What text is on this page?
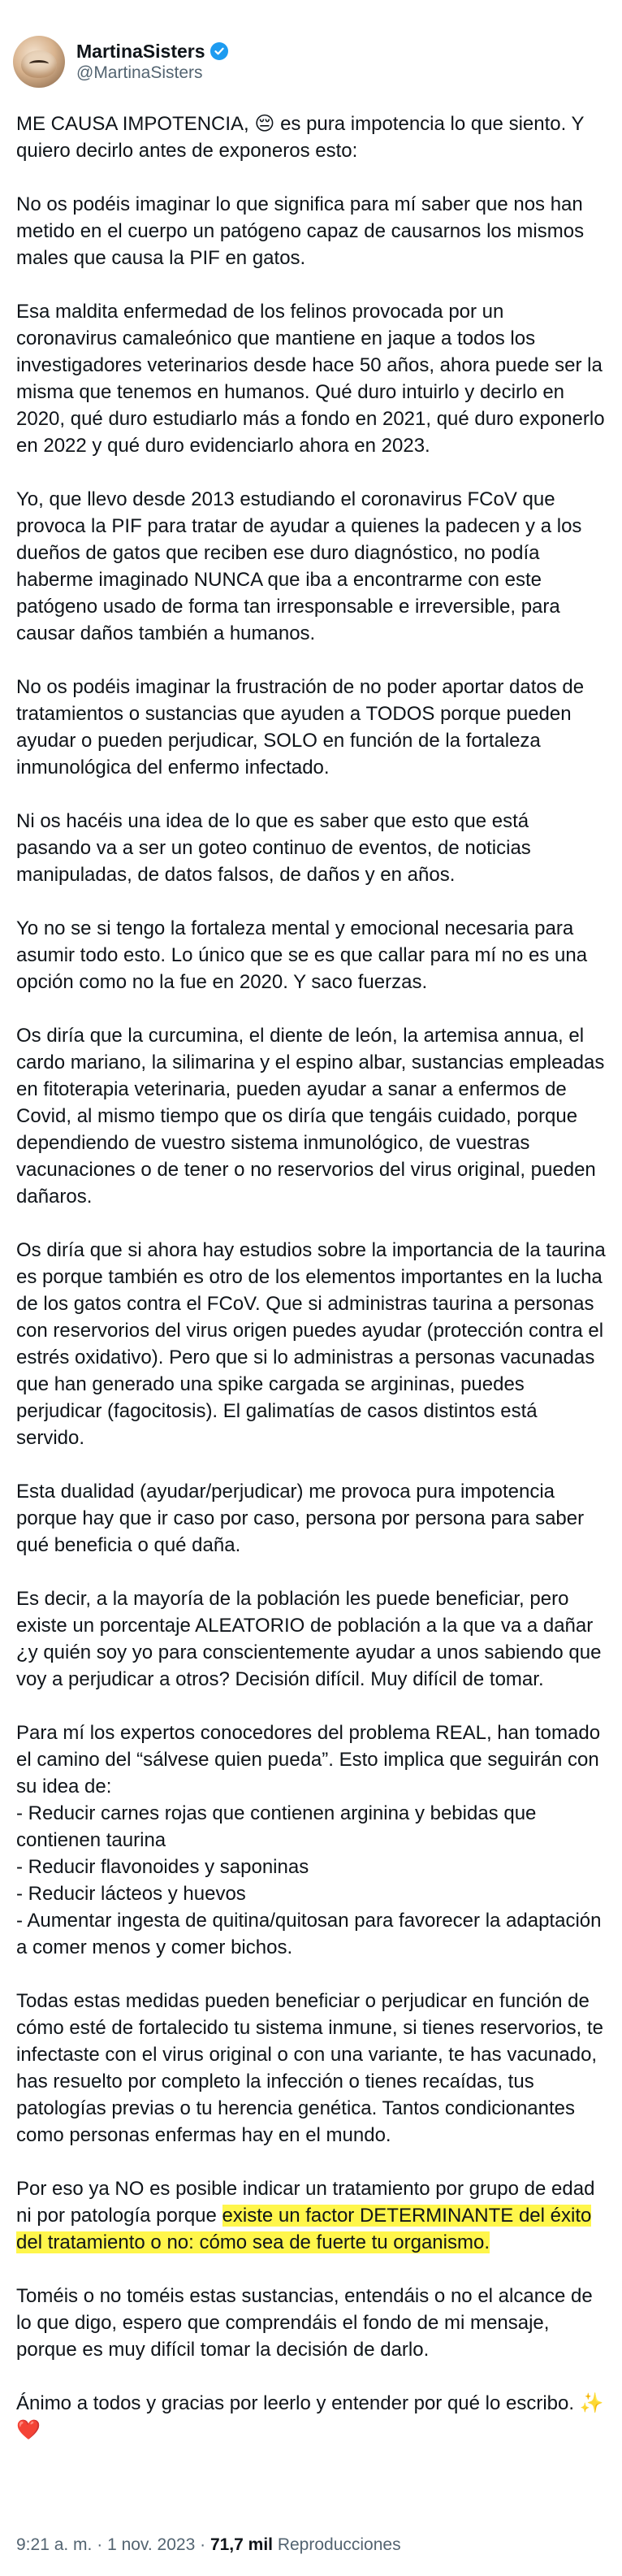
MartinaSisters
@MartinaSisters

ME CAUSA IMPOTENCIA, 😔 es pura impotencia lo que siento. Y quiero decirlo antes de exponeros esto:

No os podéis imaginar lo que significa para mí saber que nos han metido en el cuerpo un patógeno capaz de causarnos los mismos males que causa la PIF en gatos.

Esa maldita enfermedad de los felinos provocada por un coronavirus camaleónico que mantiene en jaque a todos los investigadores veterinarios desde hace 50 años, ahora puede ser la misma que tenemos en humanos. Qué duro intuirlo y decirlo en 2020, qué duro estudiarlo más a fondo en 2021, qué duro exponerlo en 2022 y qué duro evidenciarlo ahora en 2023.

Yo, que llevo desde 2013 estudiando el coronavirus FCoV que provoca la PIF para tratar de ayudar a quienes la padecen y a los dueños de gatos que reciben ese duro diagnóstico, no podía haberme imaginado NUNCA que iba a encontrarme con este patógeno usado de forma tan irresponsable e irreversible, para causar daños también a humanos.

No os podéis imaginar la frustración de no poder aportar datos de tratamientos o sustancias que ayuden a TODOS porque pueden ayudar o pueden perjudicar, SOLO en función de la fortaleza inmunológica del enfermo infectado.

Ni os hacéis una idea de lo que es saber que esto que está pasando va a ser un goteo continuo de eventos, de noticias manipuladas, de datos falsos, de daños y en años.

Yo no se si tengo la fortaleza mental y emocional necesaria para asumir todo esto. Lo único que se es que callar para mí no es una opción como no la fue en 2020. Y saco fuerzas.

Os diría que la curcumina, el diente de león, la artemisa annua, el cardo mariano, la silimarina y el espino albar, sustancias empleadas en fitoterapia veterinaria, pueden ayudar a sanar a enfermos de Covid, al mismo tiempo que os diría que tengáis cuidado, porque dependiendo de vuestro sistema inmunológico, de vuestras vacunaciones o de tener o no reservorios del virus original, pueden dañaros.

Os diría que si ahora hay estudios sobre la importancia de la taurina es porque también es otro de los elementos importantes en la lucha de los gatos contra el FCoV. Que si administras taurina a personas con reservorios del virus origen puedes ayudar (protección contra el estrés oxidativo). Pero que si lo administras a personas vacunadas que han generado una spike cargada se argininas, puedes perjudicar (fagocitosis). El galimatías de casos distintos está servido.

Esta dualidad (ayudar/perjudicar) me provoca pura impotencia porque hay que ir caso por caso, persona por persona para saber qué beneficia o qué daña.

Es decir, a la mayoría de la población les puede beneficiar, pero existe un porcentaje ALEATORIO de población a la que va a dañar ¿y quién soy yo para conscientemente ayudar a unos sabiendo que voy a perjudicar a otros? Decisión difícil. Muy difícil de tomar.

Para mí los expertos conocedores del problema REAL, han tomado el camino del “sálvese quien pueda”. Esto implica que seguirán con su idea de:
- Reducir carnes rojas que contienen arginina y bebidas que contienen taurina
- Reducir flavonoides y saponinas
- Reducir lácteos y huevos
- Aumentar ingesta de quitina/quitosan para favorecer la adaptación a comer menos y comer bichos.

Todas estas medidas pueden beneficiar o perjudicar en función de cómo esté de fortalecido tu sistema inmune, si tienes reservorios, te infectaste con el virus original o con una variante, te has vacunado, has resuelto por completo la infección o tienes recaídas, tus patologías previas o tu herencia genética. Tantos condicionantes como personas enfermas hay en el mundo.

Por eso ya NO es posible indicar un tratamiento por grupo de edad ni por patología porque existe un factor DETERMINANTE del éxito del tratamiento o no: cómo sea de fuerte tu organismo.

Toméis o no toméis estas sustancias, entendáis o no el alcance de lo que digo, espero que comprendáis el fondo de mi mensaje, porque es muy difícil tomar la decisión de darlo.

Ánimo a todos y gracias por leerlo y entender por qué lo escribo. ✨❤️

9:21 a. m. · 1 nov. 2023 · 71,7 mil Reproducciones
